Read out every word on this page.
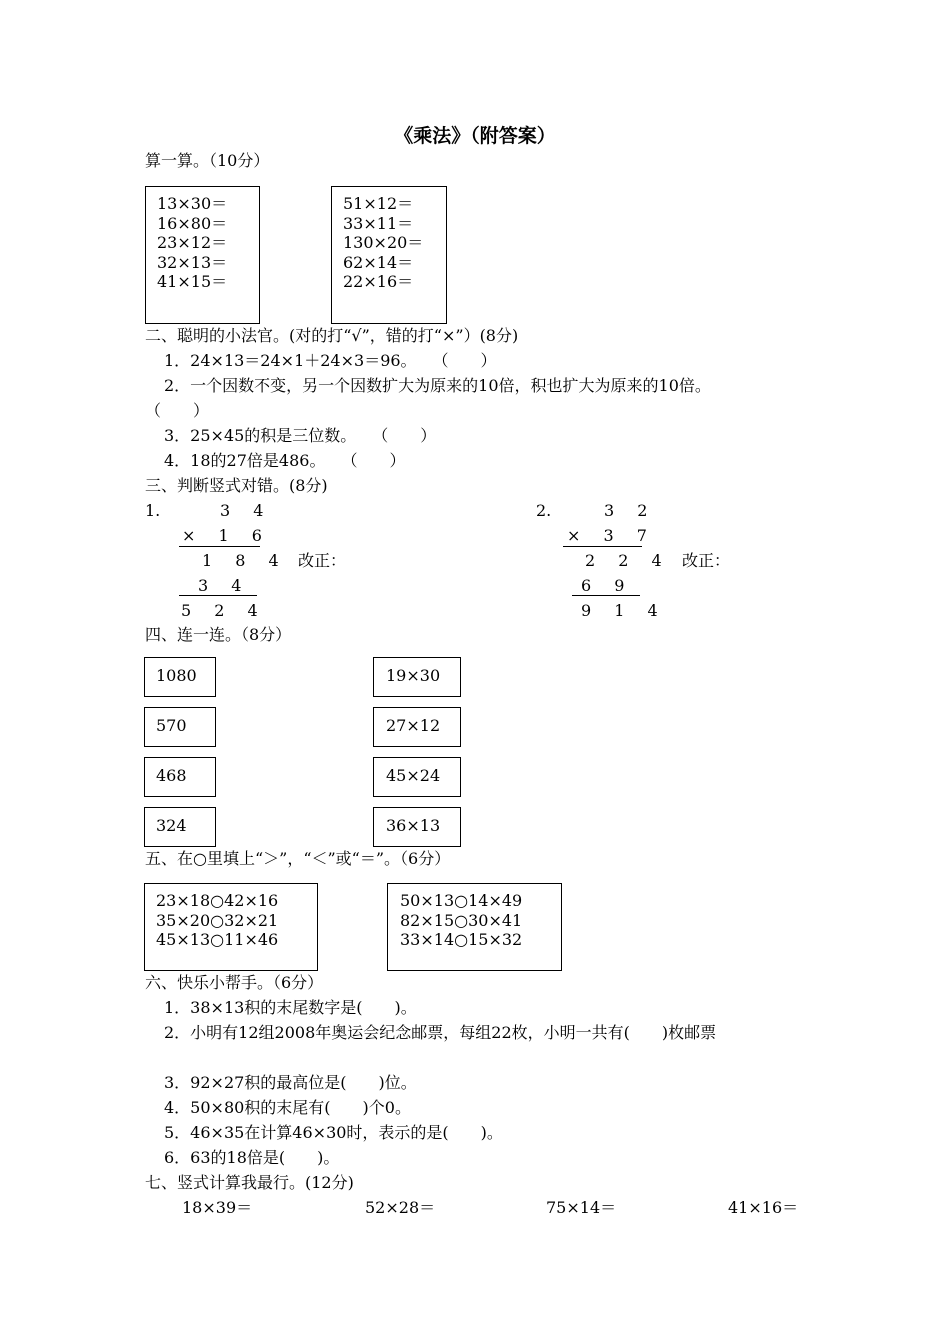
《乘法》（附答案）
算一算。（10分）
13×30＝
16×80＝
23×12＝
32×13＝
41×15＝
51×12＝
33×11＝
130×20＝
62×14＝
22×16＝
二、聪明的小法官。(对的打“√”，错的打“×”）(8分)
1．24×13＝24×1＋24×3＝96。　　（　　）
2．一个因数不变，另一个因数扩大为原来的10倍，积也扩大为原来的10倍。
（　　）
3．25×45的积是三位数。　　（　　）
4．18的27倍是486。　　（　　）
三、判断竖式对错。(8分)
1.	3 4
× 1 6
1 8 4 改正：
3 4
5 2 4
2.	3 2
× 3 7
2 2 4 改正：
6 9
9 1 4
四、连一连。（8分）
1080
570
468
324
19×30
27×12
45×24
36×13
五、在○里填上“＞”，“＜”或“＝”。（6分）
23×18○42×16
35×20○32×21
45×13○11×46
50×13○14×49
82×15○30×41
33×14○15×32
六、快乐小帮手。（6分）
1．38×13积的末尾数字是(　　)。
2．小明有12组2008年奥运会纪念邮票，每组22枚，小明一共有(　　)枚邮票
3．92×27积的最高位是(　　)位。
4．50×80积的末尾有(　　)个0。
5．46×35在计算46×30时，表示的是(　　)。
6．63的18倍是(　　)。
七、竖式计算我最行。(12分)
18×39＝	52×28＝	75×14＝	41×16＝
